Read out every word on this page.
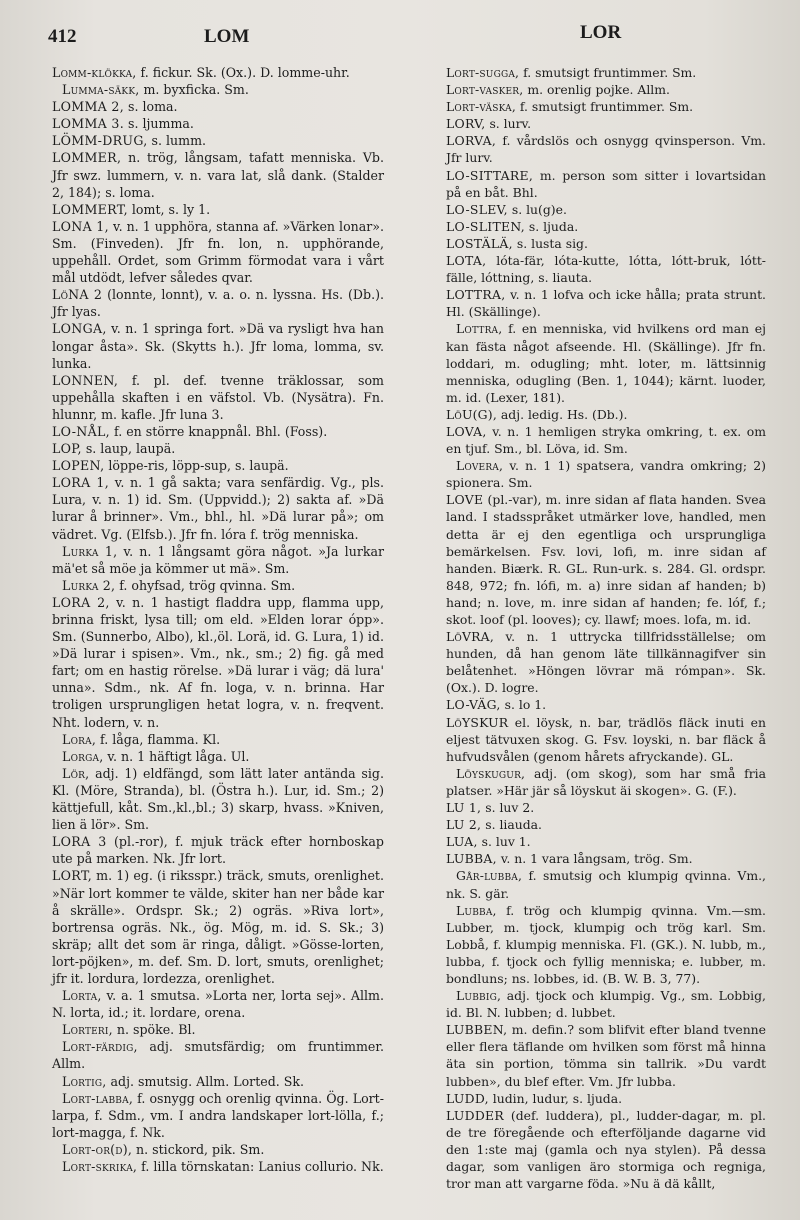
412	LOM	LOR

Lomm-klökka, f. fickur. Sk. (Ox.). D. lomme-uhr.

Lumma-säkk, m. byxficka. Sm.

LOMMA 2, s. loma.

LOMMA 3. s. ljumma.

LÖMM-DRUG, s. lumm.

LOMMER, n. trög, långsam, tafatt menniska. Vb. Jfr swz. lummern, v. n. vara lat, slå dank. (Stalder 2, 184); s. loma.

LOMMERT, lomt, s. ly 1.

LONA 1, v. n. 1 upphöra, stanna af. »Värken lonar». Sm. (Finveden). Jfr fn. lon, n. upphörande, uppehåll. Ordet, som Grimm förmodat vara i vårt mål utdödt, lefver således qvar.

LöNA 2 (lonnte, lonnt), v. a. o. n. lyssna. Hs. (Db.). Jfr lyas.

LONGA, v. n. 1 springa fort. »Dä va rysligt hva han longar åsta». Sk. (Skytts h.). Jfr loma, lomma, sv. lunka.

LONNEN, f. pl. def. tvenne träklossar, som uppehålla skaften i en väfstol. Vb. (Nysätra). Fn. hlunnr, m. kafle. Jfr luna 3.

LO-NÅL, f. en större knappnål. Bhl. (Foss).

LOP, s. laup, laupä.

LOPEN, löppe-ris, löpp-sup, s. laupä.

LORA 1, v. n. 1 gå sakta; vara senfärdig. Vg., pls. Lura, v. n. 1) id. Sm. (Uppvidd.); 2) sakta af. »Dä lurar å brinner». Vm., bhl., hl. »Dä lurar på»; om vädret. Vg. (Elfsb.). Jfr fn. lóra f. trög menniska.

Lurka 1, v. n. 1 långsamt göra något. »Ja lurkar mä'et så möe ja kömmer ut mä». Sm.

Lurka 2, f. ohyfsad, trög qvinna. Sm.

LORA 2, v. n. 1 hastigt fladdra upp, flamma upp, brinna friskt, lysa till; om eld. »Elden lorar ópp». Sm. (Sunnerbo, Albo), kl.,öl. Lorä, id. G. Lura, 1) id. »Dä lurar i spisen». Vm., nk., sm.; 2) fig. gå med fart; om en hastig rörelse. »Dä lurar i väg; dä lura' unna». Sdm., nk. Af fn. loga, v. n. brinna. Har troligen ursprungligen hetat logra, v. n. freqvent. Nht. lodern, v. n.

Lora, f. låga, flamma. Kl.

Lorga, v. n. 1 häftigt låga. Ul.

Lör, adj. 1) eldfängd, som lätt later antända sig. Kl. (Möre, Stranda), bl. (Östra h.). Lur, id. Sm.; 2) kättjefull, kåt. Sm.,kl.,bl.; 3) skarp, hvass. »Kniven, lien ä lör». Sm.

LORA 3 (pl.-ror), f. mjuk träck efter hornboskap ute på marken. Nk. Jfr lort.

LORT, m. 1) eg. (i riksspr.) träck, smuts, orenlighet. »När lort kommer te välde, skiter han ner både kar å skrälle». Ordspr. Sk.; 2) ogräs. »Riva lort», bortrensa ogräs. Nk., ög. Mög, m. id. S. Sk.; 3) skräp; allt det som är ringa, dåligt. »Gösse-lorten, lort-pöjken», m. def. Sm. D. lort, smuts, orenlighet; jfr it. lordura, lordezza, orenlighet.

Lorta, v. a. 1 smutsa. »Lorta ner, lorta sej». Allm. N. lorta, id.; it. lordare, orena.

Lorteri, n. spöke. Bl.

Lort-färdig, adj. smutsfärdig; om fruntimmer. Allm.

Lortig, adj. smutsig. Allm. Lorted. Sk.

Lort-labba, f. osnygg och orenlig qvinna. Ög. Lort-larpa, f. Sdm., vm. I andra landskaper lort-lölla, f.; lort-magga, f. Nk.

Lort-or(d), n. stickord, pik. Sm.

Lort-skrika, f. lilla törnskatan: Lanius collurio. Nk.

Lort-sugga, f. smutsigt fruntimmer. Sm.

Lort-vasker, m. orenlig pojke. Allm.

Lort-väska, f. smutsigt fruntimmer. Sm.

LORV, s. lurv.

LORVA, f. vårdslös och osnygg qvinsperson. Vm. Jfr lurv.

LO-SITTARE, m. person som sitter i lovartsidan på en båt. Bhl.

LO-SLEV, s. lu(g)e.

LO-SLITEN, s. ljuda.

LOSTÄLÄ, s. lusta sig.

LOTA, lóta-fär, lóta-kutte, lótta, lótt-bruk, lótt-fälle, lóttning, s. liauta.

LOTTRA, v. n. 1 lofva och icke hålla; prata strunt. Hl. (Skällinge).

Lottra, f. en menniska, vid hvilkens ord man ej kan fästa något afseende. Hl. (Skällinge). Jfr fn. loddari, m. odugling; mht. loter, m. lättsinnig menniska, odugling (Ben. 1, 1044); kärnt. luoder, m. id. (Lexer, 181).

LöU(G), adj. ledig. Hs. (Db.).

LOVA, v. n. 1 hemligen stryka omkring, t. ex. om en tjuf. Sm., bl. Löva, id. Sm.

Lovera, v. n. 1 1) spatsera, vandra omkring; 2) spionera. Sm.

LOVE (pl.-var), m. inre sidan af flata handen. Svea land. I stadsspråket utmärker love, handled, men detta är ej den egentliga och ursprungliga bemärkelsen. Fsv. lovi, lofi, m. inre sidan af handen. Biærk. R. GL. Run-urk. s. 284. Gl. ordspr. 848, 972; fn. lófi, m. a) inre sidan af handen; b) hand; n. love, m. inre sidan af handen; fe. lóf, f.; skot. loof (pl. looves); cy. llawf; moes. lofa, m. id.

LöVRA, v. n. 1 uttrycka tillfridsställelse; om hunden, då han genom läte tillkännagifver sin belåtenhet. »Höngen lövrar mä rómpan». Sk. (Ox.). D. logre.

LO-VÄG, s. lo 1.

LöYSKUR el. löysk, n. bar, trädlös fläck inuti en eljest tätvuxen skog. G. Fsv. loyski, n. bar fläck å hufvudsvålen (genom hårets afryckande). GL.

Löyskugur, adj. (om skog), som har små fria platser. »Här jär så löyskut äi skogen». G. (F.).

LU 1, s. luv 2.

LU 2, s. liauda.

LUA, s. luv 1.

LUBBA, v. n. 1 vara långsam, trög. Sm.

Går-lubba, f. smutsig och klumpig qvinna. Vm., nk. S. gär.

Lubba, f. trög och klumpig qvinna. Vm.—sm. Lubber, m. tjock, klumpig och trög karl. Sm. Lobbå, f. klumpig menniska. Fl. (GK.). N. lubb, m., lubba, f. tjock och fyllig menniska; e. lubber, m. bondluns; ns. lobbes, id. (B. W. B. 3, 77).

Lubbig, adj. tjock och klumpig. Vg., sm. Lobbig, id. Bl. N. lubben; d. lubbet.

LUBBEN, m. defin.? som blifvit efter bland tvenne eller flera täflande om hvilken som först må hinna äta sin portion, tömma sin tallrik. »Du vardt lubben», du blef efter. Vm. Jfr lubba.

LUDD, ludin, ludur, s. ljuda.

LUDDER (def. luddera), pl., ludder-dagar, m. pl. de tre föregående och efterföljande dagarne vid den 1:ste maj (gamla och nya stylen). På dessa dagar, som vanligen äro stormiga och regniga, tror man att vargarne föda. »Nu ä dä kållt,
